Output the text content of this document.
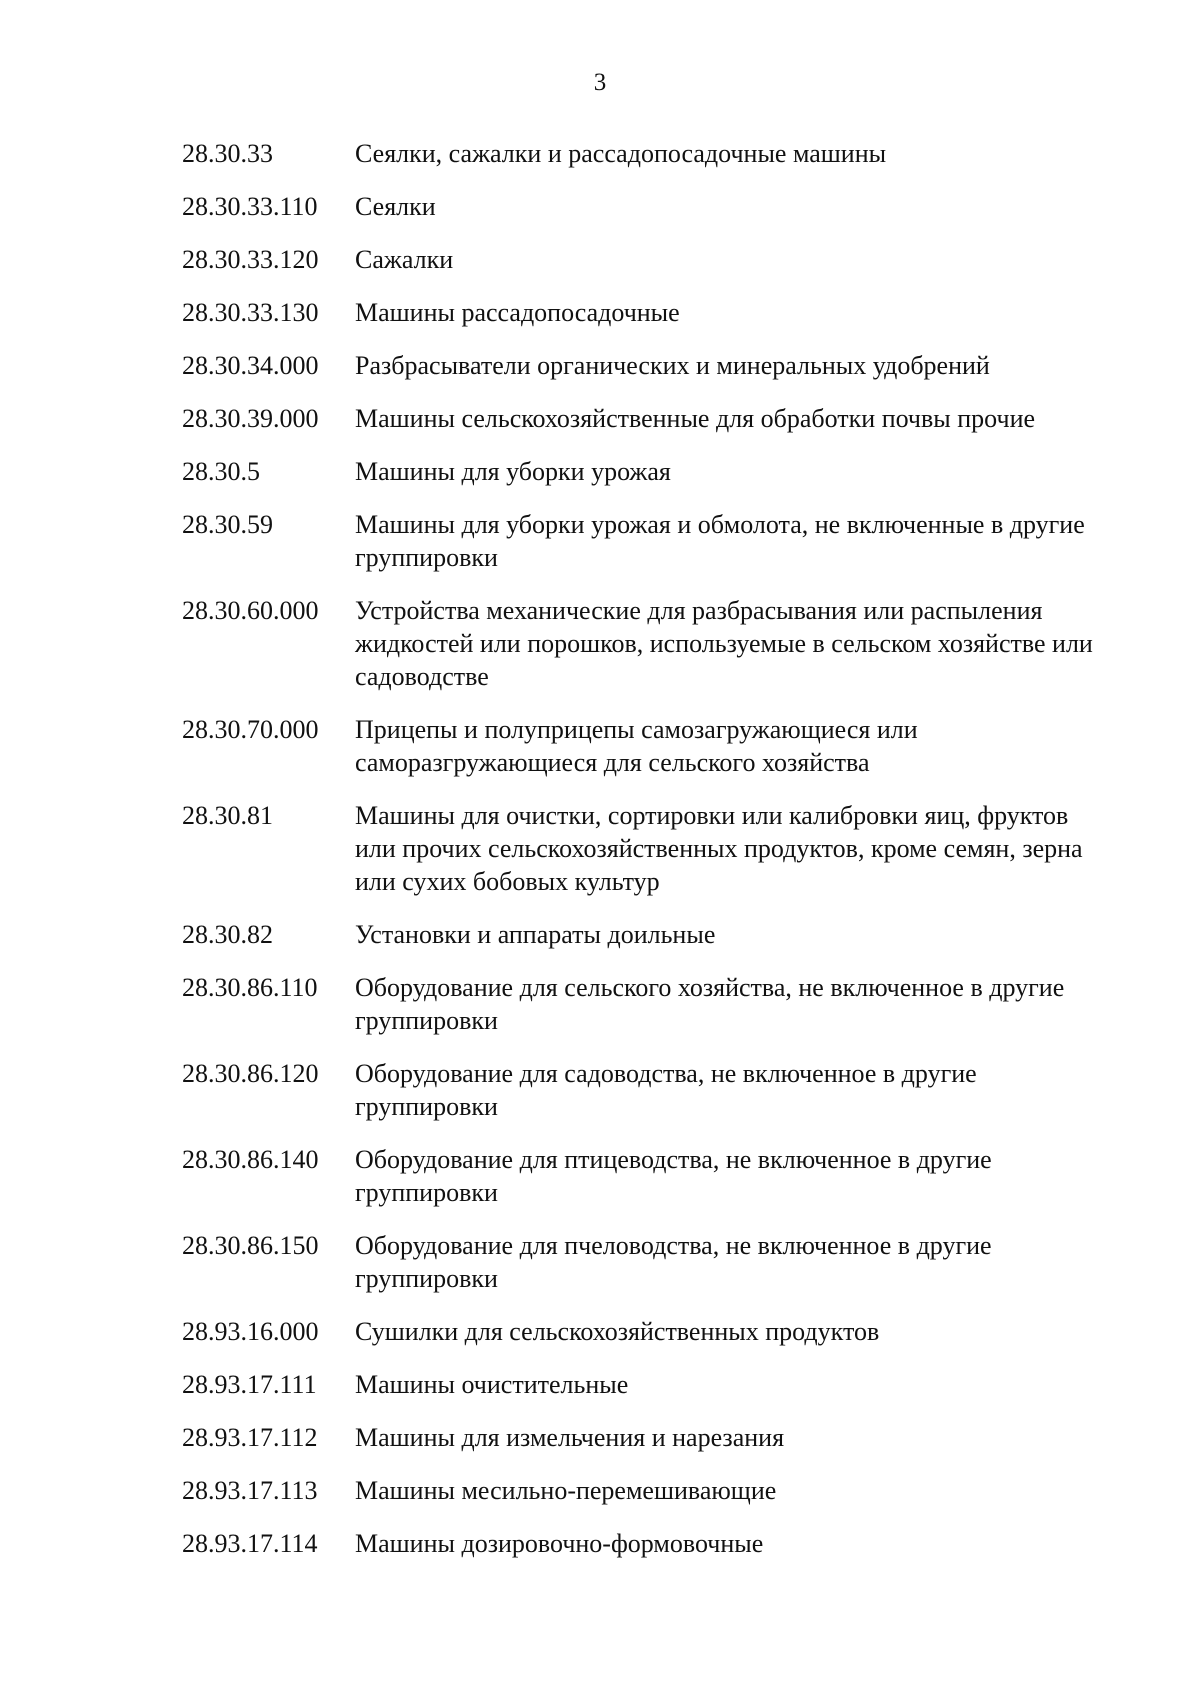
3
28.30.33	Сеялки, сажалки и рассадопосадочные машины

28.30.33.110	Сеялки

28.30.33.120	Сажалки

28.30.33.130	Машины рассадопосадочные

28.30.34.000	Разбрасыватели органических и минеральных удобрений

28.30.39.000	Машины сельскохозяйственные для обработки почвы прочие

28.30.5	Машины для уборки урожая

28.30.59	Машины для уборки урожая и обмолота, не включенные в другие группировки

28.30.60.000	Устройства механические для разбрасывания или распыления жидкостей или порошков, используемые в сельском хозяйстве или садоводстве

28.30.70.000	Прицепы и полуприцепы самозагружающиеся или саморазгружающиеся для сельского хозяйства

28.30.81	Машины для очистки, сортировки или калибровки яиц, фруктов или прочих сельскохозяйственных продуктов, кроме семян, зерна или сухих бобовых культур

28.30.82	Установки и аппараты доильные

28.30.86.110	Оборудование для сельского хозяйства, не включенное в другие группировки

28.30.86.120	Оборудование для садоводства, не включенное в другие группировки

28.30.86.140	Оборудование для птицеводства, не включенное в другие группировки

28.30.86.150	Оборудование для пчеловодства, не включенное в другие группировки

28.93.16.000	Сушилки для сельскохозяйственных продуктов

28.93.17.111	Машины очистительные

28.93.17.112	Машины для измельчения и нарезания

28.93.17.113	Машины месильно-перемешивающие

28.93.17.114	Машины дозировочно-формовочные
